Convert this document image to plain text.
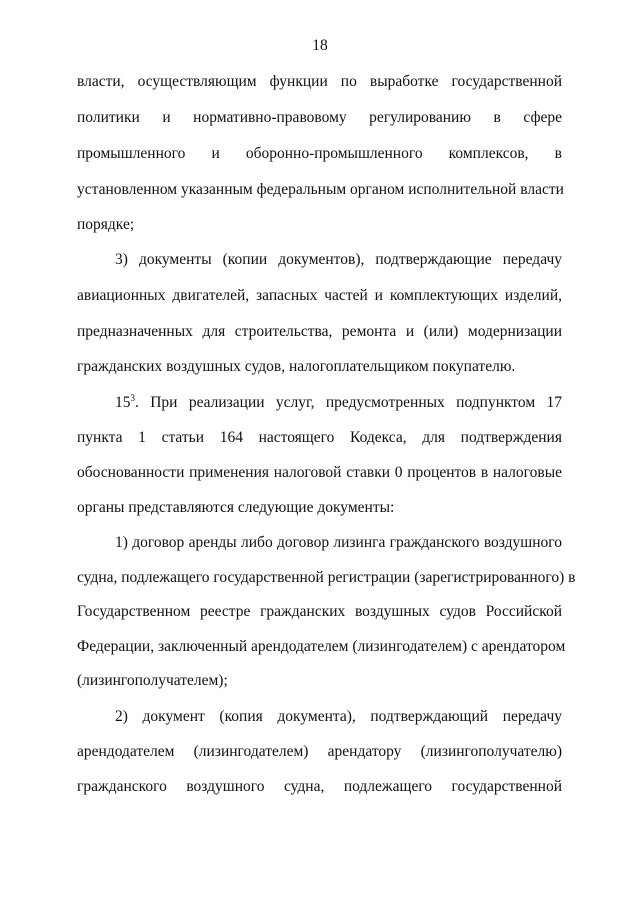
18
власти, осуществляющим функции по выработке государственной
политики и нормативно-правовому регулированию в сфере
промышленного и оборонно-промышленного комплексов, в
установленном указанным федеральным органом исполнительной власти
порядке;
3) документы (копии документов), подтверждающие передачу
авиационных двигателей, запасных частей и комплектующих изделий,
предназначенных для строительства, ремонта и (или) модернизации
гражданских воздушных судов, налогоплательщиком покупателю.
$15^3$. При реализации услуг, предусмотренных подпунктом 17
пункта 1 статьи 164 настоящего Кодекса, для подтверждения
обоснованности применения налоговой ставки 0 процентов в налоговые
органы представляются следующие документы:
1) договор аренды либо договор лизинга гражданского воздушного
судна, подлежащего государственной регистрации (зарегистрированного) в
Государственном реестре гражданских воздушных судов Российской
Федерации, заключенный арендодателем (лизингодателем) с арендатором
(лизингополучателем);
2) документ (копия документа), подтверждающий передачу
арендодателем (лизингодателем) арендатору (лизингополучателю)
гражданского воздушного судна, подлежащего государственной
